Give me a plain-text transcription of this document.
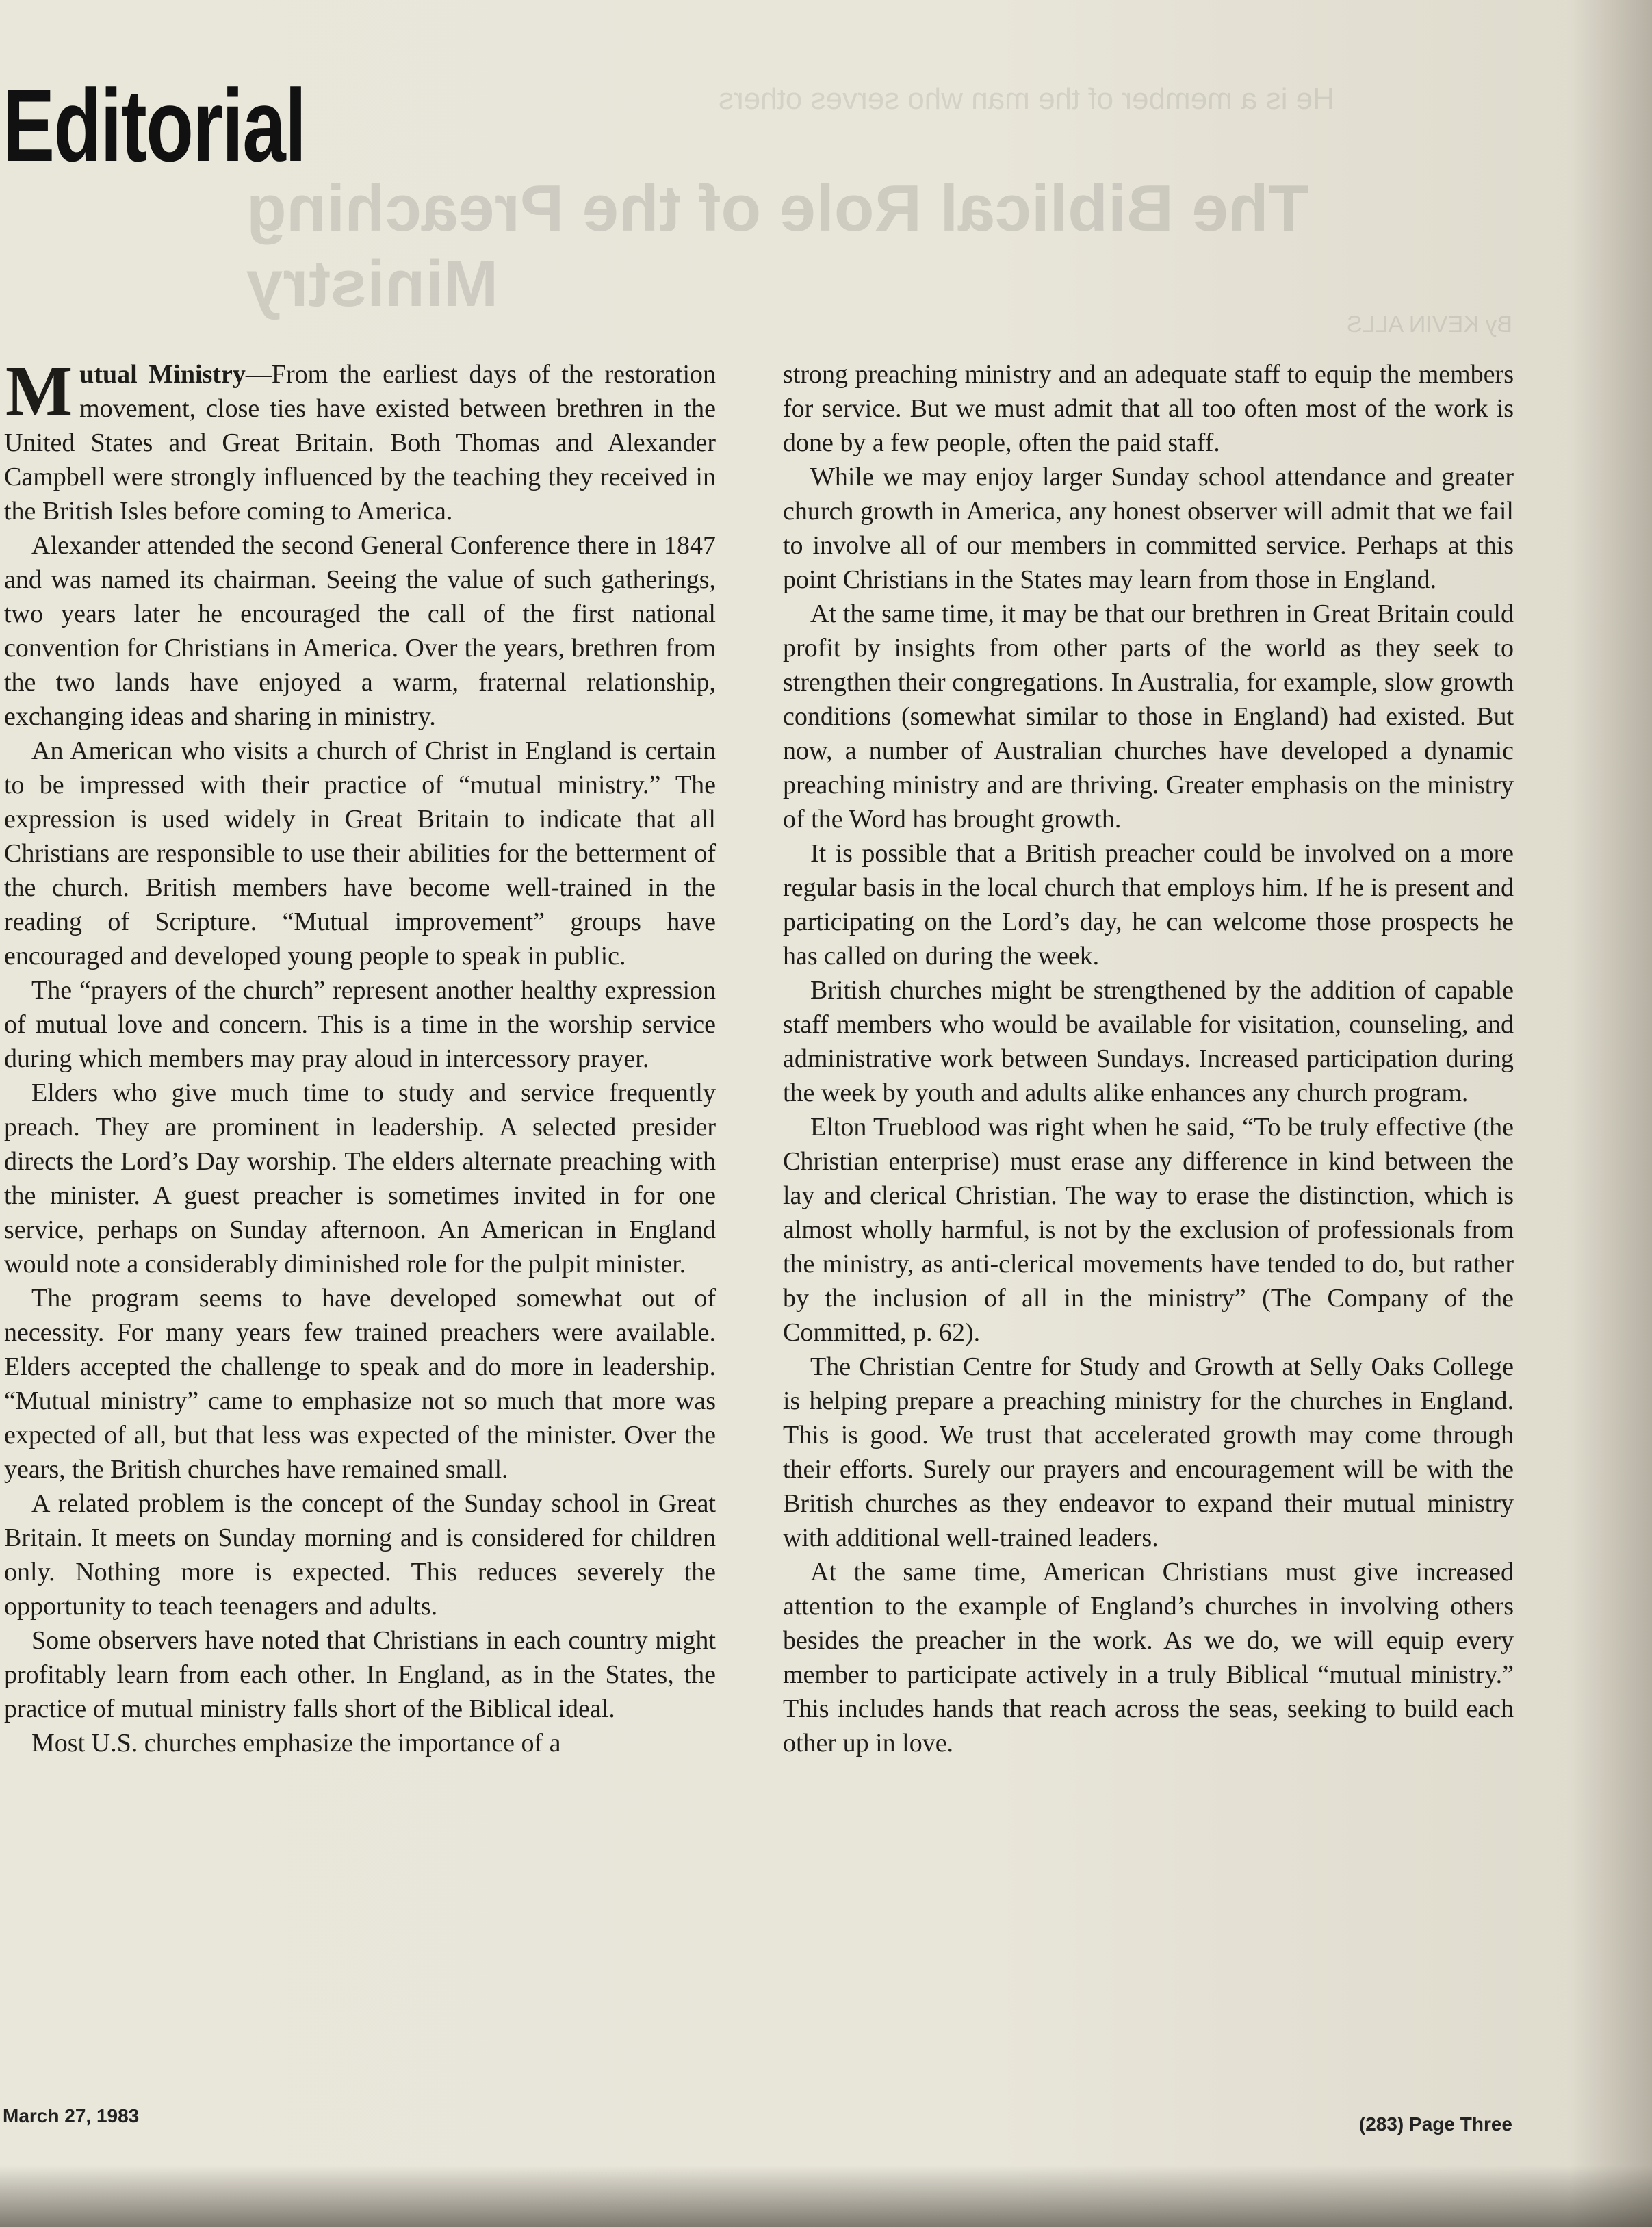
He is a member of the man who serves others
The Biblical Role of the Preaching Ministry
By KEVIN ALLS
Editorial

Mutual Ministry—From the earliest days of the restoration movement, close ties have existed between brethren in the United States and Great Britain. Both Thomas and Alexander Campbell were strongly influenced by the teaching they received in the British Isles before coming to America.

Alexander attended the second General Conference there in 1847 and was named its chairman. Seeing the value of such gatherings, two years later he encouraged the call of the first national convention for Christians in America. Over the years, brethren from the two lands have enjoyed a warm, fraternal relationship, exchanging ideas and sharing in ministry.

An American who visits a church of Christ in England is certain to be impressed with their practice of “mutual ministry.” The expression is used widely in Great Britain to indicate that all Christians are responsible to use their abilities for the betterment of the church. British members have become well-trained in the reading of Scripture. “Mutual improvement” groups have encouraged and developed young people to speak in public.

The “prayers of the church” represent another healthy expression of mutual love and concern. This is a time in the worship service during which members may pray aloud in intercessory prayer.

Elders who give much time to study and service frequently preach. They are prominent in leadership. A selected presider directs the Lord’s Day worship. The elders alternate preaching with the minister. A guest preacher is sometimes invited in for one service, perhaps on Sunday afternoon. An American in England would note a considerably diminished role for the pulpit minister.

The program seems to have developed somewhat out of necessity. For many years few trained preachers were available. Elders accepted the challenge to speak and do more in leadership. “Mutual ministry” came to emphasize not so much that more was expected of all, but that less was expected of the minister. Over the years, the British churches have remained small.

A related problem is the concept of the Sunday school in Great Britain. It meets on Sunday morning and is considered for children only. Nothing more is expected. This reduces severely the opportunity to teach teenagers and adults.

Some observers have noted that Christians in each country might profitably learn from each other. In England, as in the States, the practice of mutual ministry falls short of the Biblical ideal.

Most U.S. churches emphasize the importance of a

strong preaching ministry and an adequate staff to equip the members for service. But we must admit that all too often most of the work is done by a few people, often the paid staff.

While we may enjoy larger Sunday school attendance and greater church growth in America, any honest observer will admit that we fail to involve all of our members in committed service. Perhaps at this point Christians in the States may learn from those in England.

At the same time, it may be that our brethren in Great Britain could profit by insights from other parts of the world as they seek to strengthen their congregations. In Australia, for example, slow growth conditions (somewhat similar to those in England) had existed. But now, a number of Australian churches have developed a dynamic preaching ministry and are thriving. Greater emphasis on the ministry of the Word has brought growth.

It is possible that a British preacher could be involved on a more regular basis in the local church that employs him. If he is present and participating on the Lord’s day, he can welcome those prospects he has called on during the week.

British churches might be strengthened by the addition of capable staff members who would be available for visitation, counseling, and administrative work between Sundays. Increased participation during the week by youth and adults alike enhances any church program.

Elton Trueblood was right when he said, “To be truly effective (the Christian enterprise) must erase any difference in kind between the lay and clerical Christian. The way to erase the distinction, which is almost wholly harmful, is not by the exclusion of professionals from the ministry, as anti-clerical movements have tended to do, but rather by the inclusion of all in the ministry” (The Company of the Committed, p. 62).

The Christian Centre for Study and Growth at Selly Oaks College is helping prepare a preaching ministry for the churches in England. This is good. We trust that accelerated growth may come through their efforts. Surely our prayers and encouragement will be with the British churches as they endeavor to expand their mutual ministry with additional well-trained leaders.

At the same time, American Christians must give increased attention to the example of England’s churches in involving others besides the preacher in the work. As we do, we will equip every member to participate actively in a truly Biblical “mutual ministry.” This includes hands that reach across the seas, seeking to build each other up in love.

March 27, 1983	(283) Page Three
